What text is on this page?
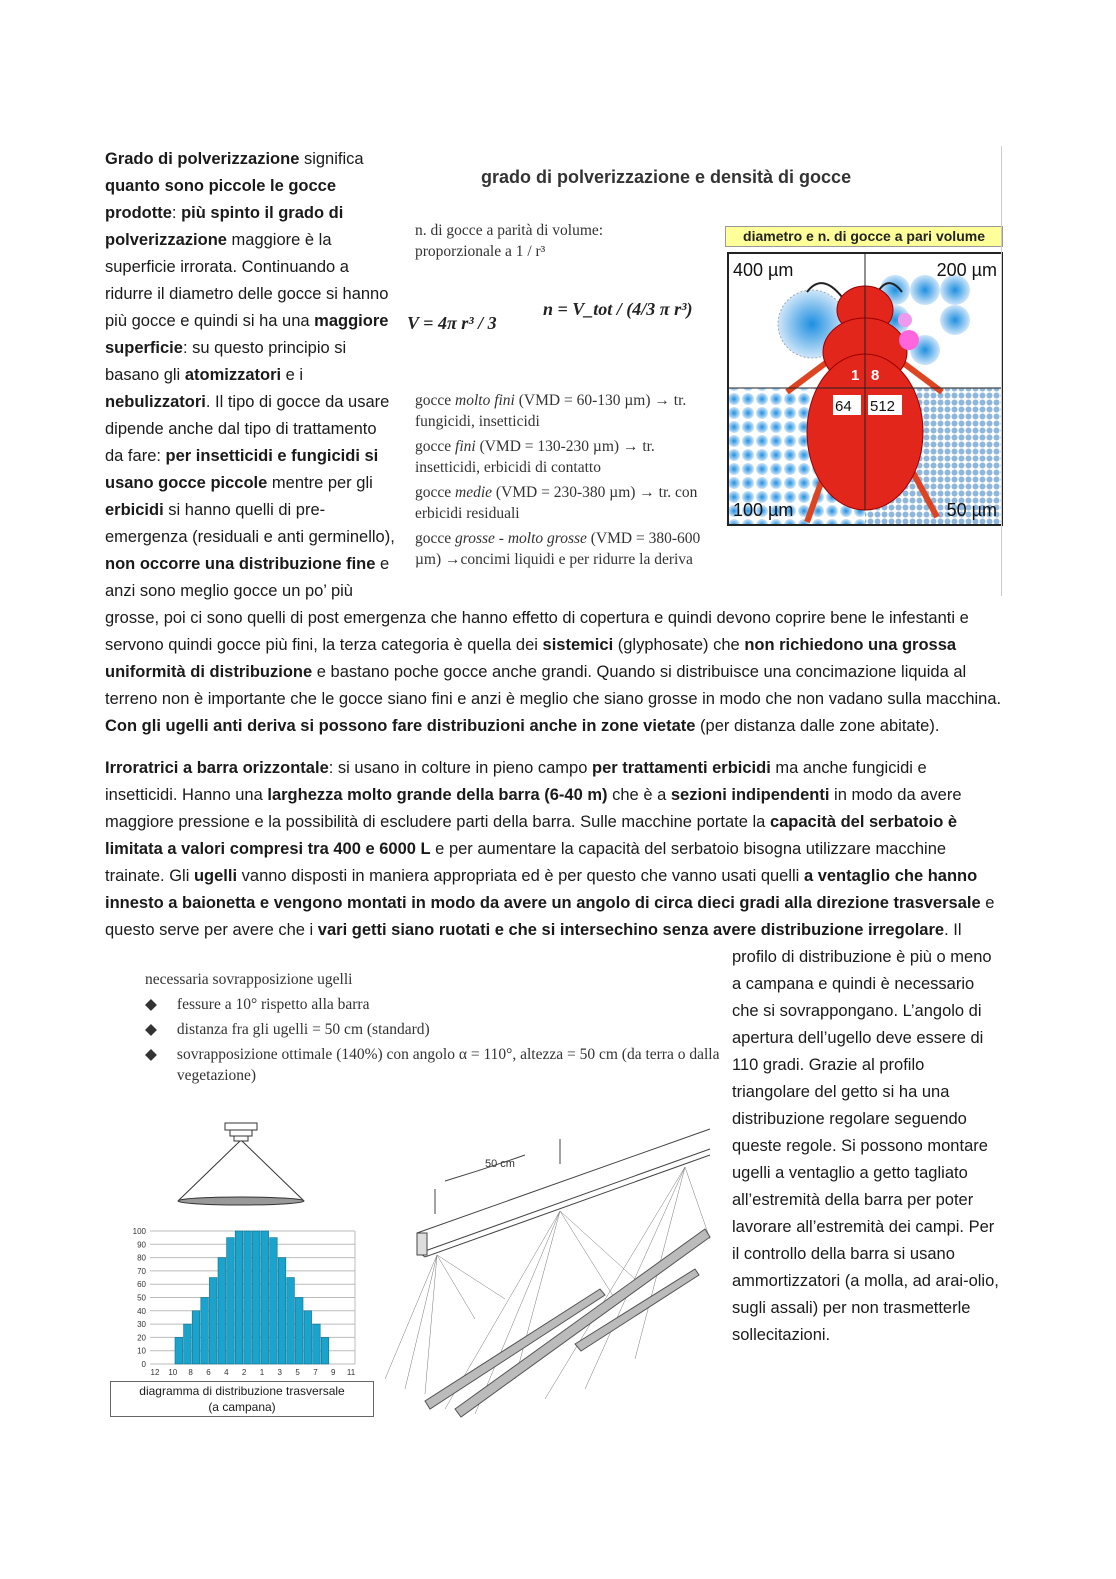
grado di polverizzazione e densità di gocce
n. di gocce a parità di volume:
proporzionale a 1 / r³
V = 4π r³ / 3
n = V_tot / (4/3 π r³)
gocce molto fini (VMD = 60-130 µm) → tr. fungicidi, insetticidi
gocce fini (VMD = 130-230 µm) → tr. insetticidi, erbicidi di contatto
gocce medie (VMD = 230-380 µm) → tr. con erbicidi residuali
gocce grosse - molto grosse (VMD = 380-600 µm) →concimi liquidi e per ridurre la deriva
diametro e n. di gocce a pari volume
400 µm	200 µm
100 µm	50 µm
1 8
64 512
Grado di polverizzazione significa quanto sono piccole le gocce prodotte: più spinto il grado di polverizzazione maggiore è la superficie irrorata. Continuando a ridurre il diametro delle gocce si hanno più gocce e quindi si ha una maggiore superficie: su questo principio si basano gli atomizzatori e i nebulizzatori. Il tipo di gocce da usare dipende anche dal tipo di trattamento da fare: per insetticidi e fungicidi si usano gocce piccole mentre per gli erbicidi si hanno quelli di pre-emergenza (residuali e anti germinello), non occorre una distribuzione fine e anzi sono meglio gocce un po’ più grosse, poi ci sono quelli di post emergenza che hanno effetto di copertura e quindi devono coprire bene le infestanti e servono quindi gocce più fini, la terza categoria è quella dei sistemici (glyphosate) che non richiedono una grossa uniformità di distribuzione e bastano poche gocce anche grandi. Quando si distribuisce una concimazione liquida al terreno non è importante che le gocce siano fini e anzi è meglio che siano grosse in modo che non vadano sulla macchina. Con gli ugelli anti deriva si possono fare distribuzioni anche in zone vietate (per distanza dalle zone abitate).

necessaria sovrapposizione ugelli
◆ fessure a 10° rispetto alla barra
◆ distanza fra gli ugelli = 50 cm (standard)
◆ sovrapposizione ottimale (140%) con angolo α = 110°, altezza = 50 cm (da terra o dalla vegetazione)
0
10
20
30
40
50
60
70
80
90
100
12 10 8 6 4 2 1 3 5 7 9 11
diagramma di distribuzione trasversale
(a campana)
50 cm
Irroratrici a barra orizzontale: si usano in colture in pieno campo per trattamenti erbicidi ma anche fungicidi e insetticidi. Hanno una larghezza molto grande della barra (6-40 m) che è a sezioni indipendenti in modo da avere maggiore pressione e la possibilità di escludere parti della barra. Sulle macchine portate la capacità del serbatoio è limitata a valori compresi tra 400 e 6000 L e per aumentare la capacità del serbatoio bisogna utilizzare macchine trainate. Gli ugelli vanno disposti in maniera appropriata ed è per questo che vanno usati quelli a ventaglio che hanno innesto a baionetta e vengono montati in modo da avere un angolo di circa dieci gradi alla direzione trasversale e questo serve per avere che i vari getti siano ruotati e che si intersechino senza avere distribuzione irregolare. Il profilo di distribuzione è più o meno a campana e quindi è necessario che si sovrappongano. L’angolo di apertura dell’ugello deve essere di 110 gradi. Grazie al profilo triangolare del getto si ha una distribuzione regolare seguendo queste regole. Si possono montare ugelli a ventaglio a getto tagliato all’estremità della barra per poter lavorare all’estremità dei campi. Per il controllo della barra si usano ammortizzatori (a molla, ad arai-olio, sugli assali) per non trasmetterle sollecitazioni.
